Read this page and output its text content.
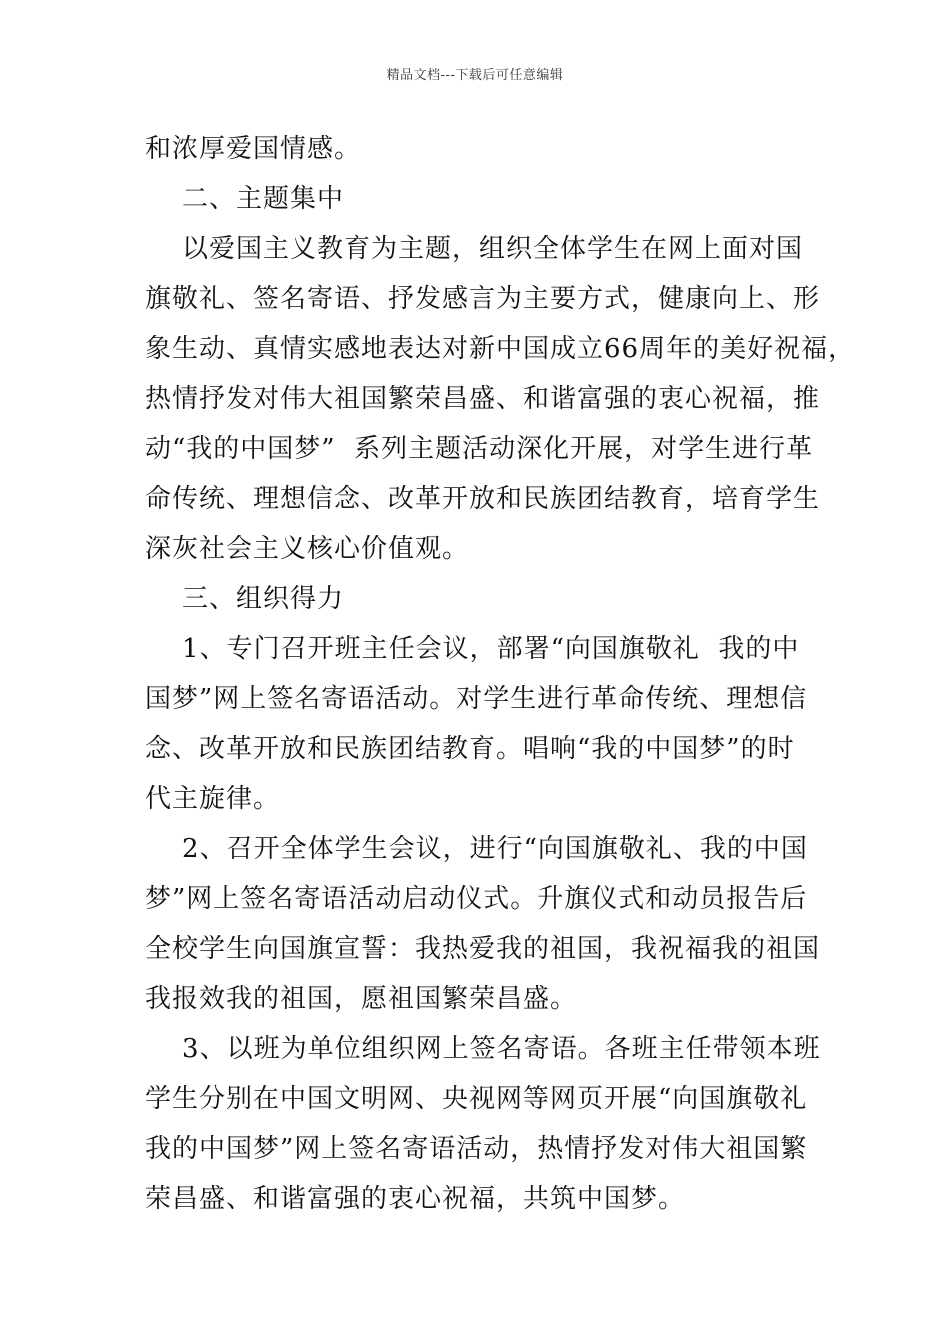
精品文档---下载后可任意编辑
和浓厚爱国情感。
二、主题集中
以爱国主义教育为主题，组织全体学生在网上面对国
旗敬礼、签名寄语、抒发感言为主要方式，健康向上、形
象生动、真情实感地表达对新中国成立66周年的美好祝福，
热情抒发对伟大祖国繁荣昌盛、和谐富强的衷心祝福，推
动“我的中国梦”  系列主题活动深化开展，对学生进行革
命传统、理想信念、改革开放和民族团结教育，培育学生
深灰社会主义核心价值观。
三、组织得力
1、专门召开班主任会议，部署“向国旗敬礼  我的中
国梦”网上签名寄语活动。对学生进行革命传统、理想信
念、改革开放和民族团结教育。唱响“我的中国梦”的时
代主旋律。
2、召开全体学生会议，进行“向国旗敬礼、我的中国
梦”网上签名寄语活动启动仪式。升旗仪式和动员报告后
全校学生向国旗宣誓：我热爱我的祖国，我祝福我的祖国
我报效我的祖国，愿祖国繁荣昌盛。
3、以班为单位组织网上签名寄语。各班主任带领本班
学生分别在中国文明网、央视网等网页开展“向国旗敬礼
我的中国梦”网上签名寄语活动，热情抒发对伟大祖国繁
荣昌盛、和谐富强的衷心祝福，共筑中国梦。
